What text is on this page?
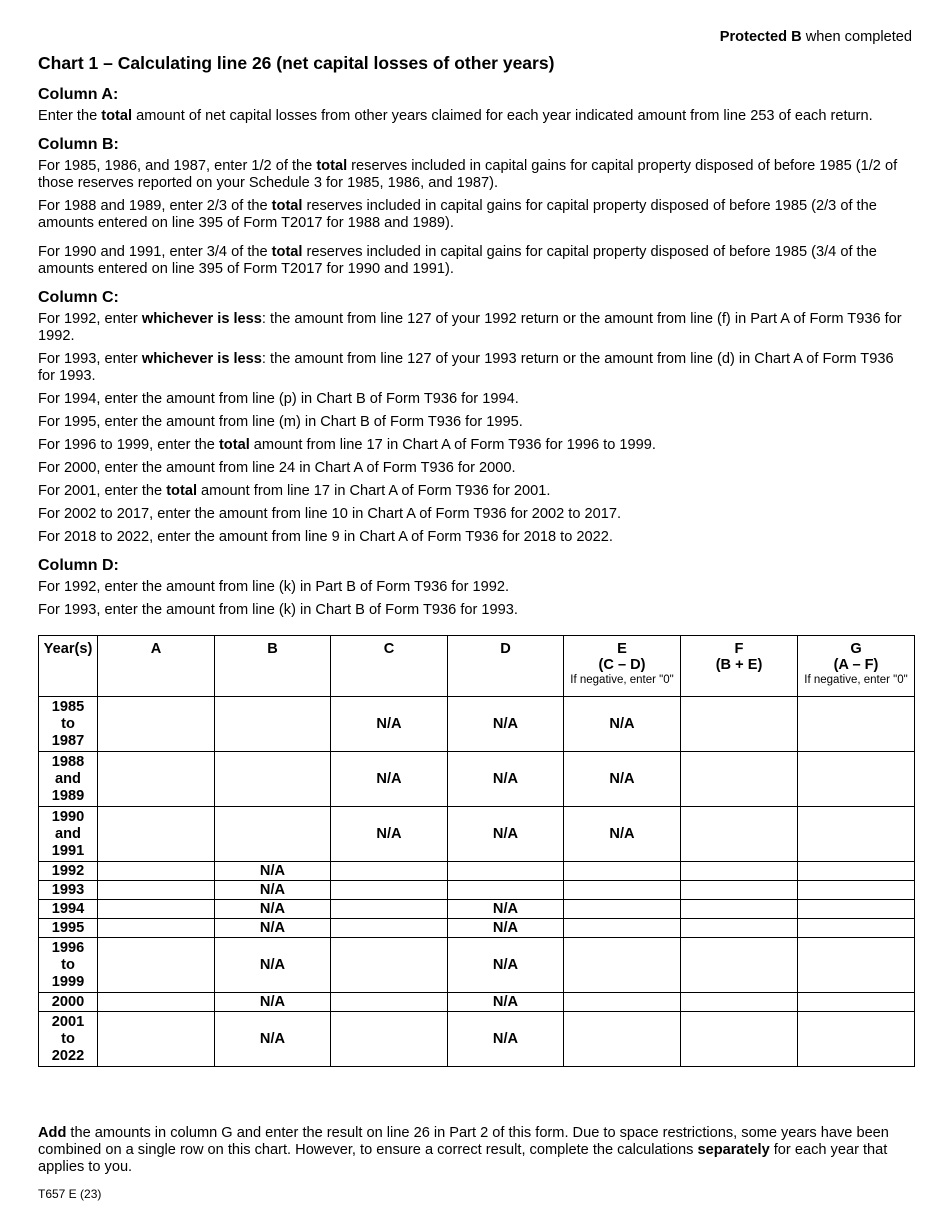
Protected B when completed
Chart 1 – Calculating line 26 (net capital losses of other years)
Column A:

Enter the total amount of net capital losses from other years claimed for each year indicated amount from line 253 of each return.

Column B:

For 1985, 1986, and 1987, enter 1/2 of the total reserves included in capital gains for capital property disposed of before 1985 (1/2 of those reserves reported on your Schedule 3 for 1985, 1986, and 1987).

For 1988 and 1989, enter 2/3 of the total reserves included in capital gains for capital property disposed of before 1985 (2/3 of the amounts entered on line 395 of Form T2017 for 1988 and 1989).

For 1990 and 1991, enter 3/4 of the total reserves included in capital gains for capital property disposed of before 1985 (3/4 of the amounts entered on line 395 of Form T2017 for 1990 and 1991).

Column C:

For 1992, enter whichever is less: the amount from line 127 of your 1992 return or the amount from line (f) in Part A of Form T936 for 1992.

For 1993, enter whichever is less: the amount from line 127 of your 1993 return or the amount from line (d) in Chart A of Form T936 for 1993.

For 1994, enter the amount from line (p) in Chart B of Form T936 for 1994.

For 1995, enter the amount from line (m) in Chart B of Form T936 for 1995.

For 1996 to 1999, enter the total amount from line 17 in Chart A of Form T936 for 1996 to 1999.

For 2000, enter the amount from line 24 in Chart A of Form T936 for 2000.

For 2001, enter the total amount from line 17 in Chart A of Form T936 for 2001.

For 2002 to 2017, enter the amount from line 10 in Chart A of Form T936 for 2002 to 2017.

For 2018 to 2022, enter the amount from line 9 in Chart A of Form T936 for 2018 to 2022.

Column D:

For 1992, enter the amount from line (k) in Part B of Form T936 for 1992.

For 1993, enter the amount from line (k) in Chart B of Form T936 for 1993.

Year(s)	A	B	C	D	E
(C – D)
If negative, enter "0"	F
(B + E)	G
(A – F)
If negative, enter "0"

1985
to
1987			N/A	N/A	N/A		
1988
and
1989			N/A	N/A	N/A		
1990
and
1991			N/A	N/A	N/A		
1992		N/A					
1993		N/A					
1994		N/A		N/A			
1995		N/A		N/A			
1996
to
1999		N/A		N/A			
2000		N/A		N/A			
2001
to
2022		N/A		N/A			

Add the amounts in column G and enter the result on line 26 in Part 2 of this form. Due to space restrictions, some years have been combined on a single row on this chart. However, to ensure a correct result, complete the calculations separately for each year that applies to you.

T657 E (23)
